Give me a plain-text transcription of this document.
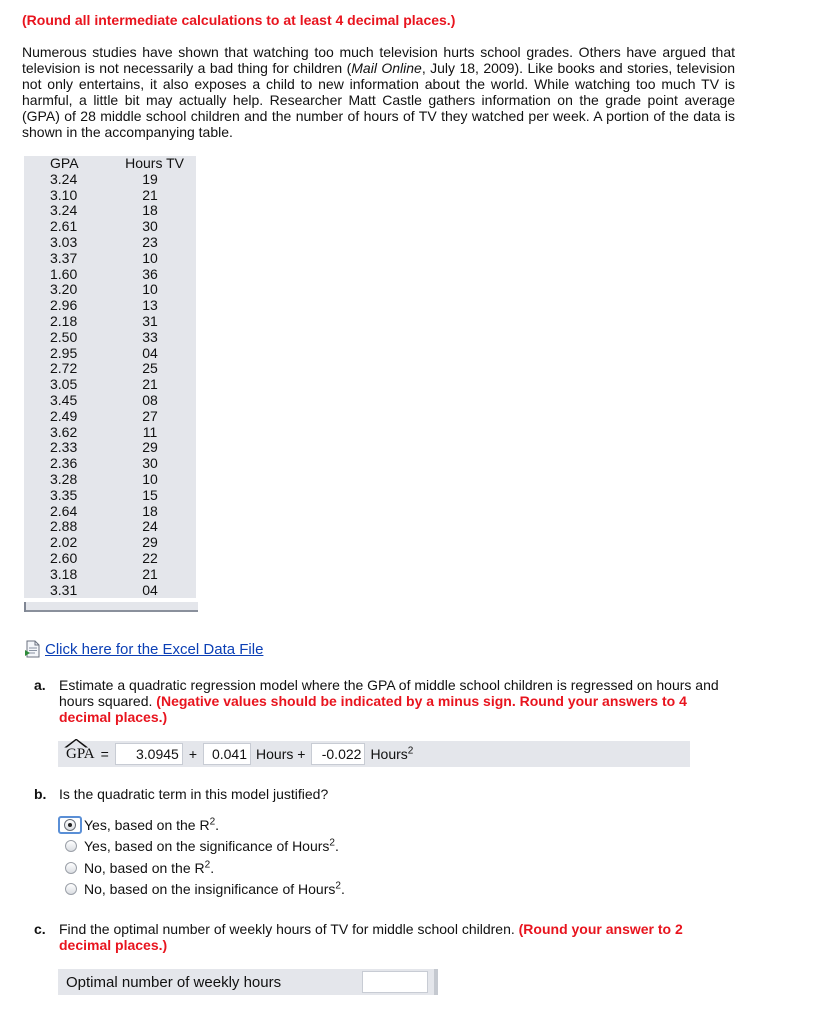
(Round all intermediate calculations to at least 4 decimal places.)

Numerous studies have shown that watching too much television hurts school grades. Others have argued that television is not necessarily a bad thing for children (Mail Online, July 18, 2009). Like books and stories, television not only entertains, it also exposes a child to new information about the world. While watching too much TV is harmful, a little bit may actually help. Researcher Matt Castle gathers information on the grade point average (GPA) of 28 middle school children and the number of hours of TV they watched per week. A portion of the data is shown in the accompanying table.

GPA	Hours TV
3.24	19
3.10	21
3.24	18
2.61	30
3.03	23
3.37	10
1.60	36
3.20	10
2.96	13
2.18	31
2.50	33
2.95	04
2.72	25
3.05	21
3.45	08
2.49	27
3.62	11
2.33	29
2.36	30
3.28	10
3.35	15
2.64	18
2.88	24
2.02	29
2.60	22
3.18	21
3.31	04
Click here for the Excel Data File
a. Estimate a quadratic regression model where the GPA of middle school children is regressed on hours and hours squared. (Negative values should be indicated by a minus sign. Round your answers to 4 decimal places.)
^ GPA =	3.0945 +	0.041 Hours +	-0.022 Hours$^2$
b. Is the quadratic term in this model justified?
Yes, based on the $R^2$.
Yes, based on the significance of Hours$^2$.
No, based on the $R^2$.
No, based on the insignificance of Hours$^2$.
c. Find the optimal number of weekly hours of TV for middle school children. (Round your answer to 2 decimal places.)
Optimal number of weekly hours
